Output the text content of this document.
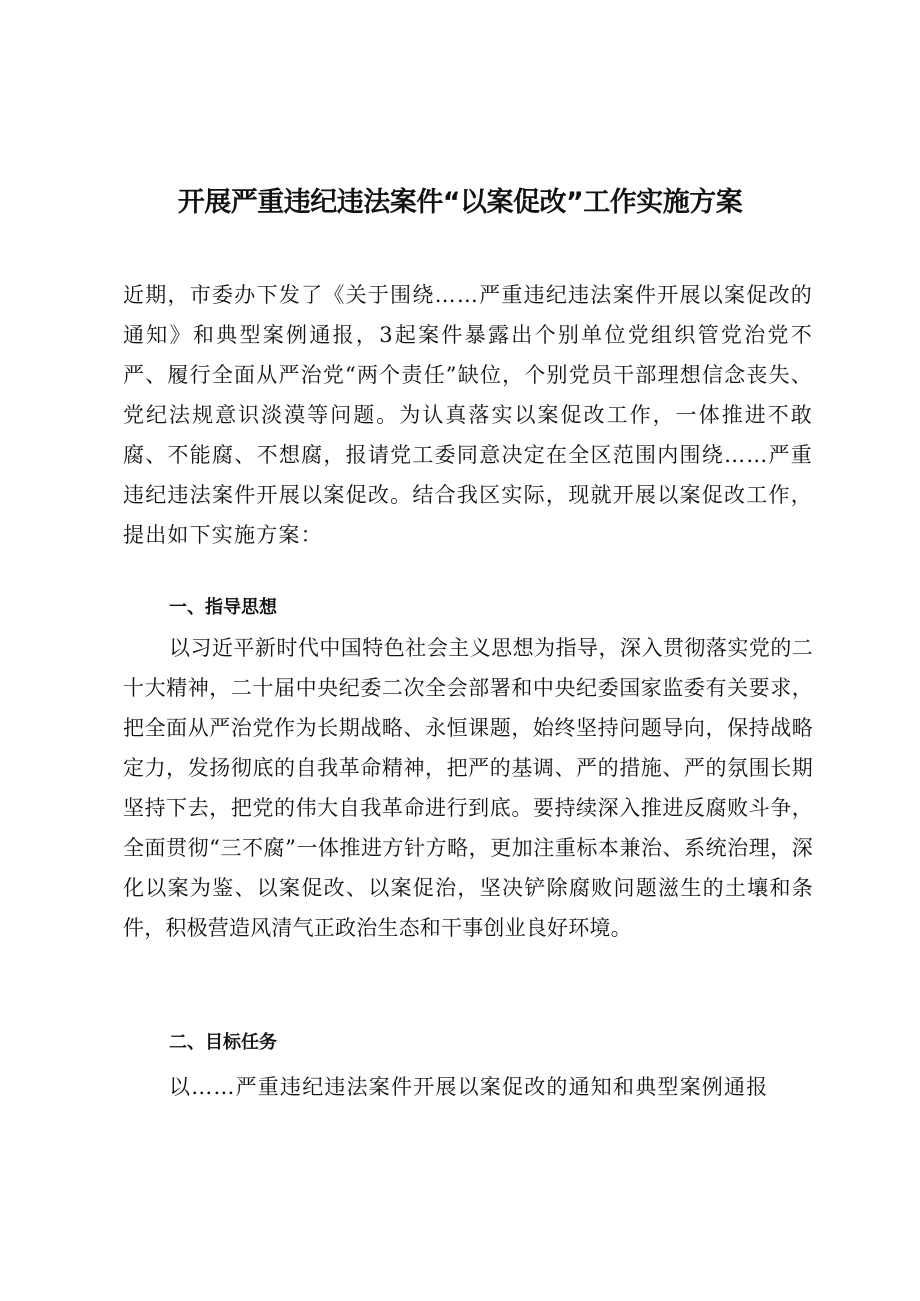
开展严重违纪违法案件“以案促改”工作实施方案

近期，市委办下发了《关于围绕……严重违纪违法案件开展以案促改的通知》和典型案例通报，3起案件暴露出个别单位党组织管党治党不严、履行全面从严治党“两个责任”缺位，个别党员干部理想信念丧失、党纪法规意识淡漠等问题。为认真落实以案促改工作，一体推进不敢腐、不能腐、不想腐，报请党工委同意决定在全区范围内围绕……严重违纪违法案件开展以案促改。结合我区实际，现就开展以案促改工作，提出如下实施方案：

一、指导思想

以习近平新时代中国特色社会主义思想为指导，深入贯彻落实党的二十大精神，二十届中央纪委二次全会部署和中央纪委国家监委有关要求，把全面从严治党作为长期战略、永恒课题，始终坚持问题导向，保持战略定力，发扬彻底的自我革命精神，把严的基调、严的措施、严的氛围长期坚持下去，把党的伟大自我革命进行到底。要持续深入推进反腐败斗争，全面贯彻“三不腐”一体推进方针方略，更加注重标本兼治、系统治理，深化以案为鉴、以案促改、以案促治，坚决铲除腐败问题滋生的土壤和条件，积极营造风清气正政治生态和干事创业良好环境。

二、目标任务

以……严重违纪违法案件开展以案促改的通知和典型案例通报
